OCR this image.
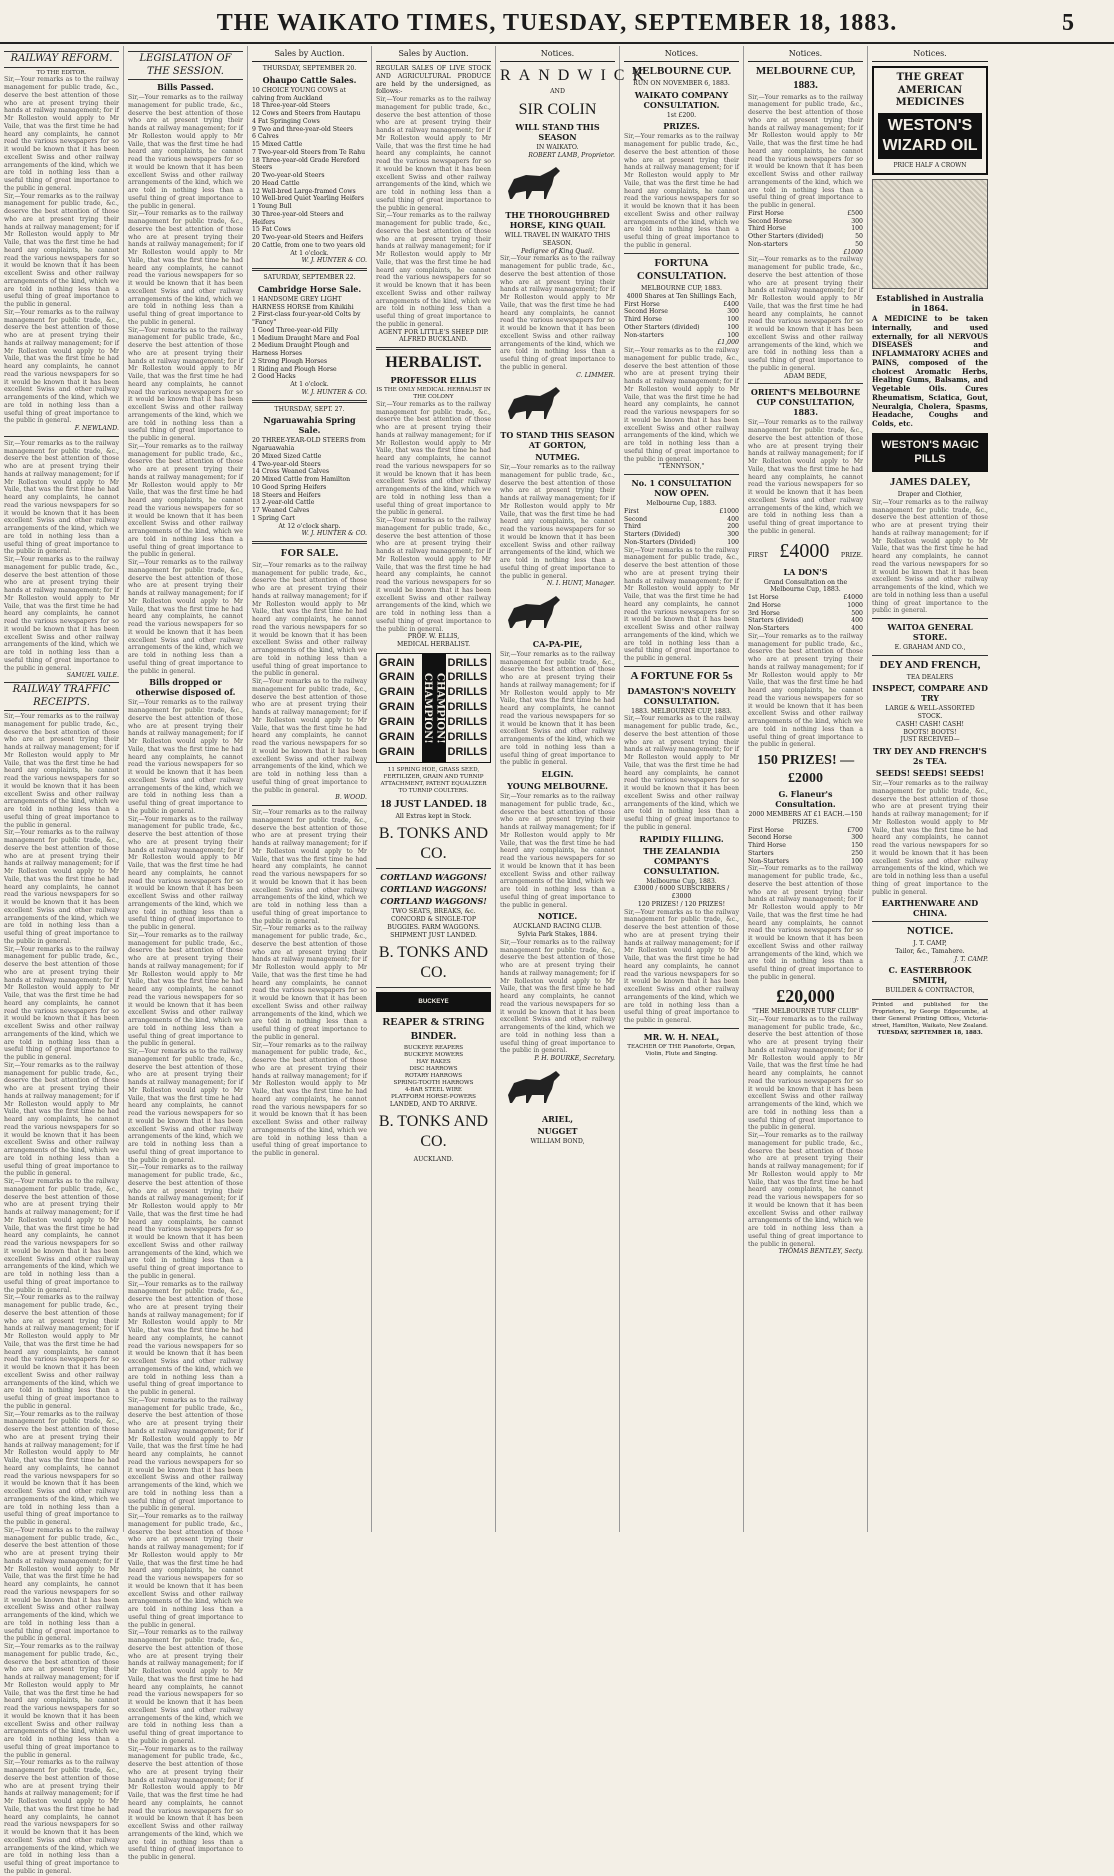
THE WAIKATO TIMES, TUESDAY, SEPTEMBER 18, 1883.	5
RAILWAY REFORM.
TO THE EDITOR.

Sir,—Your remarks as to the railway management for public trade, &c., deserve the best attention of those who are at present trying their hands at railway management; for if Mr Rolleston would apply to Mr Vaile, that was the first time he had heard any complaints, he cannot read the various newspapers for so it would be known that it has been excellent Swiss and other railway arrangements of the kind, which we are told in nothing less than a useful thing of great importance to the public in general.

Sir,—Your remarks as to the railway management for public trade, &c., deserve the best attention of those who are at present trying their hands at railway management; for if Mr Rolleston would apply to Mr Vaile, that was the first time he had heard any complaints, he cannot read the various newspapers for so it would be known that it has been excellent Swiss and other railway arrangements of the kind, which we are told in nothing less than a useful thing of great importance to the public in general.

Sir,—Your remarks as to the railway management for public trade, &c., deserve the best attention of those who are at present trying their hands at railway management; for if Mr Rolleston would apply to Mr Vaile, that was the first time he had heard any complaints, he cannot read the various newspapers for so it would be known that it has been excellent Swiss and other railway arrangements of the kind, which we are told in nothing less than a useful thing of great importance to the public in general.

F. NEWLAND.

Sir,—Your remarks as to the railway management for public trade, &c., deserve the best attention of those who are at present trying their hands at railway management; for if Mr Rolleston would apply to Mr Vaile, that was the first time he had heard any complaints, he cannot read the various newspapers for so it would be known that it has been excellent Swiss and other railway arrangements of the kind, which we are told in nothing less than a useful thing of great importance to the public in general.

Sir,—Your remarks as to the railway management for public trade, &c., deserve the best attention of those who are at present trying their hands at railway management; for if Mr Rolleston would apply to Mr Vaile, that was the first time he had heard any complaints, he cannot read the various newspapers for so it would be known that it has been excellent Swiss and other railway arrangements of the kind, which we are told in nothing less than a useful thing of great importance to the public in general.

SAMUEL VAILE.
RAILWAY TRAFFIC RECEIPTS.

Sir,—Your remarks as to the railway management for public trade, &c., deserve the best attention of those who are at present trying their hands at railway management; for if Mr Rolleston would apply to Mr Vaile, that was the first time he had heard any complaints, he cannot read the various newspapers for so it would be known that it has been excellent Swiss and other railway arrangements of the kind, which we are told in nothing less than a useful thing of great importance to the public in general.

Sir,—Your remarks as to the railway management for public trade, &c., deserve the best attention of those who are at present trying their hands at railway management; for if Mr Rolleston would apply to Mr Vaile, that was the first time he had heard any complaints, he cannot read the various newspapers for so it would be known that it has been excellent Swiss and other railway arrangements of the kind, which we are told in nothing less than a useful thing of great importance to the public in general.

Sir,—Your remarks as to the railway management for public trade, &c., deserve the best attention of those who are at present trying their hands at railway management; for if Mr Rolleston would apply to Mr Vaile, that was the first time he had heard any complaints, he cannot read the various newspapers for so it would be known that it has been excellent Swiss and other railway arrangements of the kind, which we are told in nothing less than a useful thing of great importance to the public in general.

Sir,—Your remarks as to the railway management for public trade, &c., deserve the best attention of those who are at present trying their hands at railway management; for if Mr Rolleston would apply to Mr Vaile, that was the first time he had heard any complaints, he cannot read the various newspapers for so it would be known that it has been excellent Swiss and other railway arrangements of the kind, which we are told in nothing less than a useful thing of great importance to the public in general.

Sir,—Your remarks as to the railway management for public trade, &c., deserve the best attention of those who are at present trying their hands at railway management; for if Mr Rolleston would apply to Mr Vaile, that was the first time he had heard any complaints, he cannot read the various newspapers for so it would be known that it has been excellent Swiss and other railway arrangements of the kind, which we are told in nothing less than a useful thing of great importance to the public in general.

Sir,—Your remarks as to the railway management for public trade, &c., deserve the best attention of those who are at present trying their hands at railway management; for if Mr Rolleston would apply to Mr Vaile, that was the first time he had heard any complaints, he cannot read the various newspapers for so it would be known that it has been excellent Swiss and other railway arrangements of the kind, which we are told in nothing less than a useful thing of great importance to the public in general.

Sir,—Your remarks as to the railway management for public trade, &c., deserve the best attention of those who are at present trying their hands at railway management; for if Mr Rolleston would apply to Mr Vaile, that was the first time he had heard any complaints, he cannot read the various newspapers for so it would be known that it has been excellent Swiss and other railway arrangements of the kind, which we are told in nothing less than a useful thing of great importance to the public in general.

Sir,—Your remarks as to the railway management for public trade, &c., deserve the best attention of those who are at present trying their hands at railway management; for if Mr Rolleston would apply to Mr Vaile, that was the first time he had heard any complaints, he cannot read the various newspapers for so it would be known that it has been excellent Swiss and other railway arrangements of the kind, which we are told in nothing less than a useful thing of great importance to the public in general.

Sir,—Your remarks as to the railway management for public trade, &c., deserve the best attention of those who are at present trying their hands at railway management; for if Mr Rolleston would apply to Mr Vaile, that was the first time he had heard any complaints, he cannot read the various newspapers for so it would be known that it has been excellent Swiss and other railway arrangements of the kind, which we are told in nothing less than a useful thing of great importance to the public in general.

Sir,—Your remarks as to the railway management for public trade, &c., deserve the best attention of those who are at present trying their hands at railway management; for if Mr Rolleston would apply to Mr Vaile, that was the first time he had heard any complaints, he cannot read the various newspapers for so it would be known that it has been excellent Swiss and other railway arrangements of the kind, which we are told in nothing less than a useful thing of great importance to the public in general.

LEGISLATION OF THE SESSION.
Bills Passed.

Sir,—Your remarks as to the railway management for public trade, &c., deserve the best attention of those who are at present trying their hands at railway management; for if Mr Rolleston would apply to Mr Vaile, that was the first time he had heard any complaints, he cannot read the various newspapers for so it would be known that it has been excellent Swiss and other railway arrangements of the kind, which we are told in nothing less than a useful thing of great importance to the public in general.

Sir,—Your remarks as to the railway management for public trade, &c., deserve the best attention of those who are at present trying their hands at railway management; for if Mr Rolleston would apply to Mr Vaile, that was the first time he had heard any complaints, he cannot read the various newspapers for so it would be known that it has been excellent Swiss and other railway arrangements of the kind, which we are told in nothing less than a useful thing of great importance to the public in general.

Sir,—Your remarks as to the railway management for public trade, &c., deserve the best attention of those who are at present trying their hands at railway management; for if Mr Rolleston would apply to Mr Vaile, that was the first time he had heard any complaints, he cannot read the various newspapers for so it would be known that it has been excellent Swiss and other railway arrangements of the kind, which we are told in nothing less than a useful thing of great importance to the public in general.

Sir,—Your remarks as to the railway management for public trade, &c., deserve the best attention of those who are at present trying their hands at railway management; for if Mr Rolleston would apply to Mr Vaile, that was the first time he had heard any complaints, he cannot read the various newspapers for so it would be known that it has been excellent Swiss and other railway arrangements of the kind, which we are told in nothing less than a useful thing of great importance to the public in general.

Sir,—Your remarks as to the railway management for public trade, &c., deserve the best attention of those who are at present trying their hands at railway management; for if Mr Rolleston would apply to Mr Vaile, that was the first time he had heard any complaints, he cannot read the various newspapers for so it would be known that it has been excellent Swiss and other railway arrangements of the kind, which we are told in nothing less than a useful thing of great importance to the public in general.

Bills dropped or otherwise disposed of.

Sir,—Your remarks as to the railway management for public trade, &c., deserve the best attention of those who are at present trying their hands at railway management; for if Mr Rolleston would apply to Mr Vaile, that was the first time he had heard any complaints, he cannot read the various newspapers for so it would be known that it has been excellent Swiss and other railway arrangements of the kind, which we are told in nothing less than a useful thing of great importance to the public in general.

Sir,—Your remarks as to the railway management for public trade, &c., deserve the best attention of those who are at present trying their hands at railway management; for if Mr Rolleston would apply to Mr Vaile, that was the first time he had heard any complaints, he cannot read the various newspapers for so it would be known that it has been excellent Swiss and other railway arrangements of the kind, which we are told in nothing less than a useful thing of great importance to the public in general.

Sir,—Your remarks as to the railway management for public trade, &c., deserve the best attention of those who are at present trying their hands at railway management; for if Mr Rolleston would apply to Mr Vaile, that was the first time he had heard any complaints, he cannot read the various newspapers for so it would be known that it has been excellent Swiss and other railway arrangements of the kind, which we are told in nothing less than a useful thing of great importance to the public in general.

Sir,—Your remarks as to the railway management for public trade, &c., deserve the best attention of those who are at present trying their hands at railway management; for if Mr Rolleston would apply to Mr Vaile, that was the first time he had heard any complaints, he cannot read the various newspapers for so it would be known that it has been excellent Swiss and other railway arrangements of the kind, which we are told in nothing less than a useful thing of great importance to the public in general.

Sir,—Your remarks as to the railway management for public trade, &c., deserve the best attention of those who are at present trying their hands at railway management; for if Mr Rolleston would apply to Mr Vaile, that was the first time he had heard any complaints, he cannot read the various newspapers for so it would be known that it has been excellent Swiss and other railway arrangements of the kind, which we are told in nothing less than a useful thing of great importance to the public in general.

Sir,—Your remarks as to the railway management for public trade, &c., deserve the best attention of those who are at present trying their hands at railway management; for if Mr Rolleston would apply to Mr Vaile, that was the first time he had heard any complaints, he cannot read the various newspapers for so it would be known that it has been excellent Swiss and other railway arrangements of the kind, which we are told in nothing less than a useful thing of great importance to the public in general.

Sir,—Your remarks as to the railway management for public trade, &c., deserve the best attention of those who are at present trying their hands at railway management; for if Mr Rolleston would apply to Mr Vaile, that was the first time he had heard any complaints, he cannot read the various newspapers for so it would be known that it has been excellent Swiss and other railway arrangements of the kind, which we are told in nothing less than a useful thing of great importance to the public in general.

Sir,—Your remarks as to the railway management for public trade, &c., deserve the best attention of those who are at present trying their hands at railway management; for if Mr Rolleston would apply to Mr Vaile, that was the first time he had heard any complaints, he cannot read the various newspapers for so it would be known that it has been excellent Swiss and other railway arrangements of the kind, which we are told in nothing less than a useful thing of great importance to the public in general.

Sir,—Your remarks as to the railway management for public trade, &c., deserve the best attention of those who are at present trying their hands at railway management; for if Mr Rolleston would apply to Mr Vaile, that was the first time he had heard any complaints, he cannot read the various newspapers for so it would be known that it has been excellent Swiss and other railway arrangements of the kind, which we are told in nothing less than a useful thing of great importance to the public in general.

Sir,—Your remarks as to the railway management for public trade, &c., deserve the best attention of those who are at present trying their hands at railway management; for if Mr Rolleston would apply to Mr Vaile, that was the first time he had heard any complaints, he cannot read the various newspapers for so it would be known that it has been excellent Swiss and other railway arrangements of the kind, which we are told in nothing less than a useful thing of great importance to the public in general.

Sales by Auction.
THURSDAY, SEPTEMBER 20.
Ohaupo Cattle Sales.
10 CHOICE YOUNG COWS at calving from Auckland
18 Three-year-old Steers
12 Cows and Steers from Hautapu
4 Fat Springing Cows
9 Two and three-year-old Steers
6 Calves
15 Mixed Cattle
7 Two-year-old Steers from Te Rahu
18 Three-year-old Grade Hereford Steers
20 Two-year-old Steers
20 Head Cattle
12 Well-bred Large-framed Cows
10 Well-bred Quiet Yearling Heifers
1 Young Bull
30 Three-year-old Steers and Heifers
15 Fat Cows
20 Two-year-old Steers and Heifers
20 Cattle, from one to two years old
At 1 o'clock.
W. J. HUNTER & CO.
SATURDAY, SEPTEMBER 22.
Cambridge Horse Sale.
1 HANDSOME GREY LIGHT HARNESS HORSE from Kihikihi
2 First-class four-year-old Colts by "Fancy"
1 Good Three-year-old Filly
1 Medium Draught Mare and Foal
2 Medium Draught Plough and Harness Horses
2 Strong Plough Horses
1 Riding and Plough Horse
2 Good Hacks
At 1 o'clock.
W. J. HUNTER & CO.
THURSDAY, SEPT. 27.
Ngaruawahia Spring Sale.
20 THREE-YEAR-OLD STEERS from Ngaruawahia
20 Mixed Sized Cattle
4 Two-year-old Steers
14 Cross Weaned Calves
20 Mixed Cattle from Hamilton
10 Good Spring Heifers
18 Steers and Heifers
13 2-year-old Cattle
17 Weaned Calves
1 Spring Cart
At 12 o'clock sharp.
W. J. HUNTER & CO.
FOR SALE.

Sir,—Your remarks as to the railway management for public trade, &c., deserve the best attention of those who are at present trying their hands at railway management; for if Mr Rolleston would apply to Mr Vaile, that was the first time he had heard any complaints, he cannot read the various newspapers for so it would be known that it has been excellent Swiss and other railway arrangements of the kind, which we are told in nothing less than a useful thing of great importance to the public in general.

Sir,—Your remarks as to the railway management for public trade, &c., deserve the best attention of those who are at present trying their hands at railway management; for if Mr Rolleston would apply to Mr Vaile, that was the first time he had heard any complaints, he cannot read the various newspapers for so it would be known that it has been excellent Swiss and other railway arrangements of the kind, which we are told in nothing less than a useful thing of great importance to the public in general.

B. WOOD.

Sir,—Your remarks as to the railway management for public trade, &c., deserve the best attention of those who are at present trying their hands at railway management; for if Mr Rolleston would apply to Mr Vaile, that was the first time he had heard any complaints, he cannot read the various newspapers for so it would be known that it has been excellent Swiss and other railway arrangements of the kind, which we are told in nothing less than a useful thing of great importance to the public in general.

Sir,—Your remarks as to the railway management for public trade, &c., deserve the best attention of those who are at present trying their hands at railway management; for if Mr Rolleston would apply to Mr Vaile, that was the first time he had heard any complaints, he cannot read the various newspapers for so it would be known that it has been excellent Swiss and other railway arrangements of the kind, which we are told in nothing less than a useful thing of great importance to the public in general.

Sir,—Your remarks as to the railway management for public trade, &c., deserve the best attention of those who are at present trying their hands at railway management; for if Mr Rolleston would apply to Mr Vaile, that was the first time he had heard any complaints, he cannot read the various newspapers for so it would be known that it has been excellent Swiss and other railway arrangements of the kind, which we are told in nothing less than a useful thing of great importance to the public in general.

Sales by Auction.
REGULAR SALES OF LIVE STOCK AND AGRICULTURAL PRODUCE are held by the undersigned, as follows:-

Sir,—Your remarks as to the railway management for public trade, &c., deserve the best attention of those who are at present trying their hands at railway management; for if Mr Rolleston would apply to Mr Vaile, that was the first time he had heard any complaints, he cannot read the various newspapers for so it would be known that it has been excellent Swiss and other railway arrangements of the kind, which we are told in nothing less than a useful thing of great importance to the public in general.

Sir,—Your remarks as to the railway management for public trade, &c., deserve the best attention of those who are at present trying their hands at railway management; for if Mr Rolleston would apply to Mr Vaile, that was the first time he had heard any complaints, he cannot read the various newspapers for so it would be known that it has been excellent Swiss and other railway arrangements of the kind, which we are told in nothing less than a useful thing of great importance to the public in general.

AGENT FOR LITTLE'S SHEEP DIP.
ALFRED BUCKLAND.
HERBALIST.
PROFESSOR ELLIS
IS THE ONLY MEDICAL HERBALIST IN THE COLONY

Sir,—Your remarks as to the railway management for public trade, &c., deserve the best attention of those who are at present trying their hands at railway management; for if Mr Rolleston would apply to Mr Vaile, that was the first time he had heard any complaints, he cannot read the various newspapers for so it would be known that it has been excellent Swiss and other railway arrangements of the kind, which we are told in nothing less than a useful thing of great importance to the public in general.

Sir,—Your remarks as to the railway management for public trade, &c., deserve the best attention of those who are at present trying their hands at railway management; for if Mr Rolleston would apply to Mr Vaile, that was the first time he had heard any complaints, he cannot read the various newspapers for so it would be known that it has been excellent Swiss and other railway arrangements of the kind, which we are told in nothing less than a useful thing of great importance to the public in general.

PROF. W. ELLIS,
MEDICAL HERBALIST.
GRAIN
GRAIN
GRAIN
GRAIN
GRAIN
GRAIN
GRAIN
CHAMPION! CHAMPION!
DRILLS
DRILLS
DRILLS
DRILLS
DRILLS
DRILLS
DRILLS
11 SPRING HOE, GRASS SEED, FERTILIZER, GRAIN AND TURNIP ATTACHMENT, PATENT EQUALIZER TO TURNIP COULTERS.
18 JUST LANDED. 18
All Extras kept in Stock.
B. TONKS AND CO.
CORTLAND WAGGONS!
CORTLAND WAGGONS!
CORTLAND WAGGONS!
TWO SEATS, BREAKS, &c.
CONCORD & SINGLE-TOP BUGGIES. FARM WAGGONS.
SHIPMENT JUST LANDED.
B. TONKS AND CO.
BUCKEYE
REAPER & STRING BINDER.
BUCKEYE REAPERS
BUCKEYE MOWERS
HAY RAKES
DISC HARROWS
ROTARY HARROWS
SPRING-TOOTH HARROWS
4-BAR STEEL WIRE
PLATFORM HORSE-POWERS
LANDED, AND TO ARRIVE.
B. TONKS AND CO.
AUCKLAND.
Notices.
RANDWICK
AND
SIR COLIN
WILL STAND THIS SEASON
IN WAIKATO.
ROBERT LAMB, Proprietor.
THE THOROUGHBRED HORSE, KING QUAIL
WILL TRAVEL IN WAIKATO THIS SEASON.
Pedigree of King Quail.

Sir,—Your remarks as to the railway management for public trade, &c., deserve the best attention of those who are at present trying their hands at railway management; for if Mr Rolleston would apply to Mr Vaile, that was the first time he had heard any complaints, he cannot read the various newspapers for so it would be known that it has been excellent Swiss and other railway arrangements of the kind, which we are told in nothing less than a useful thing of great importance to the public in general.

C. LIMMER.
TO STAND THIS SEASON AT GORTON,
NUTMEG.

Sir,—Your remarks as to the railway management for public trade, &c., deserve the best attention of those who are at present trying their hands at railway management; for if Mr Rolleston would apply to Mr Vaile, that was the first time he had heard any complaints, he cannot read the various newspapers for so it would be known that it has been excellent Swiss and other railway arrangements of the kind, which we are told in nothing less than a useful thing of great importance to the public in general.

N. I. HUNT, Manager.
CA-PA-PIE,

Sir,—Your remarks as to the railway management for public trade, &c., deserve the best attention of those who are at present trying their hands at railway management; for if Mr Rolleston would apply to Mr Vaile, that was the first time he had heard any complaints, he cannot read the various newspapers for so it would be known that it has been excellent Swiss and other railway arrangements of the kind, which we are told in nothing less than a useful thing of great importance to the public in general.

ELGIN.
YOUNG MELBOURNE.

Sir,—Your remarks as to the railway management for public trade, &c., deserve the best attention of those who are at present trying their hands at railway management; for if Mr Rolleston would apply to Mr Vaile, that was the first time he had heard any complaints, he cannot read the various newspapers for so it would be known that it has been excellent Swiss and other railway arrangements of the kind, which we are told in nothing less than a useful thing of great importance to the public in general.

NOTICE.
AUCKLAND RACING CLUB.
Sylvia Park Stakes, 1884.

Sir,—Your remarks as to the railway management for public trade, &c., deserve the best attention of those who are at present trying their hands at railway management; for if Mr Rolleston would apply to Mr Vaile, that was the first time he had heard any complaints, he cannot read the various newspapers for so it would be known that it has been excellent Swiss and other railway arrangements of the kind, which we are told in nothing less than a useful thing of great importance to the public in general.

P. H. BOURKE, Secretary.
ARIEL,
NUGGET
WILLIAM BOND,
Notices.
MELBOURNE CUP.
RUN ON NOVEMBER 6, 1883.
WAIKATO COMPANY CONSULTATION.
1st £200.
PRIZES.

Sir,—Your remarks as to the railway management for public trade, &c., deserve the best attention of those who are at present trying their hands at railway management; for if Mr Rolleston would apply to Mr Vaile, that was the first time he had heard any complaints, he cannot read the various newspapers for so it would be known that it has been excellent Swiss and other railway arrangements of the kind, which we are told in nothing less than a useful thing of great importance to the public in general.

FORTUNA CONSULTATION.
MELBOURNE CUP, 1883.
4000 Shares at Ten Shillings Each,
First Horse	£400
Second Horse	300
Third Horse	100
Other Starters (divided)	100
Non-starters	100
£1,000

Sir,—Your remarks as to the railway management for public trade, &c., deserve the best attention of those who are at present trying their hands at railway management; for if Mr Rolleston would apply to Mr Vaile, that was the first time he had heard any complaints, he cannot read the various newspapers for so it would be known that it has been excellent Swiss and other railway arrangements of the kind, which we are told in nothing less than a useful thing of great importance to the public in general.

"TENNYSON,"
No. 1 CONSULTATION NOW OPEN.
Melbourne Cup, 1883.
First	£1000
Second	400
Third	200
Starters (Divided)	300
Non-Starters (Divided)	100

Sir,—Your remarks as to the railway management for public trade, &c., deserve the best attention of those who are at present trying their hands at railway management; for if Mr Rolleston would apply to Mr Vaile, that was the first time he had heard any complaints, he cannot read the various newspapers for so it would be known that it has been excellent Swiss and other railway arrangements of the kind, which we are told in nothing less than a useful thing of great importance to the public in general.

A FORTUNE FOR 5s
DAMASTON'S NOVELTY CONSULTATION.
1883. MELBOURNE CUP, 1883.

Sir,—Your remarks as to the railway management for public trade, &c., deserve the best attention of those who are at present trying their hands at railway management; for if Mr Rolleston would apply to Mr Vaile, that was the first time he had heard any complaints, he cannot read the various newspapers for so it would be known that it has been excellent Swiss and other railway arrangements of the kind, which we are told in nothing less than a useful thing of great importance to the public in general.

RAPIDLY FILLING.
THE ZEALANDIA COMPANY'S CONSULTATION.
Melbourne Cup, 1883.
£3000 / 6000 SUBSCRIBERS / £3000
120 PRIZES! / 120 PRIZES!

Sir,—Your remarks as to the railway management for public trade, &c., deserve the best attention of those who are at present trying their hands at railway management; for if Mr Rolleston would apply to Mr Vaile, that was the first time he had heard any complaints, he cannot read the various newspapers for so it would be known that it has been excellent Swiss and other railway arrangements of the kind, which we are told in nothing less than a useful thing of great importance to the public in general.

MR. W. H. NEAL,
TEACHER OF THE Pianoforte, Organ, Violin, Flute and Singing.
Notices.
MELBOURNE CUP, 1883.

Sir,—Your remarks as to the railway management for public trade, &c., deserve the best attention of those who are at present trying their hands at railway management; for if Mr Rolleston would apply to Mr Vaile, that was the first time he had heard any complaints, he cannot read the various newspapers for so it would be known that it has been excellent Swiss and other railway arrangements of the kind, which we are told in nothing less than a useful thing of great importance to the public in general.

First Horse	£500
Second Horse	300
Third Horse	100
Other Starters (divided)	50
Non-starters	50
£1000

Sir,—Your remarks as to the railway management for public trade, &c., deserve the best attention of those who are at present trying their hands at railway management; for if Mr Rolleston would apply to Mr Vaile, that was the first time he had heard any complaints, he cannot read the various newspapers for so it would be known that it has been excellent Swiss and other railway arrangements of the kind, which we are told in nothing less than a useful thing of great importance to the public in general.

ADAM BEDE,
ORIENT'S MELBOURNE CUP CONSULTATION, 1883.

Sir,—Your remarks as to the railway management for public trade, &c., deserve the best attention of those who are at present trying their hands at railway management; for if Mr Rolleston would apply to Mr Vaile, that was the first time he had heard any complaints, he cannot read the various newspapers for so it would be known that it has been excellent Swiss and other railway arrangements of the kind, which we are told in nothing less than a useful thing of great importance to the public in general.

FIRST £4000 PRIZE.
LA DON'S
Grand Consultation on the Melbourne Cup, 1883.
1st Horse	£4000
2nd Horse	1000
3rd Horse	500
Starters (divided)	400
Non-Starters	400

Sir,—Your remarks as to the railway management for public trade, &c., deserve the best attention of those who are at present trying their hands at railway management; for if Mr Rolleston would apply to Mr Vaile, that was the first time he had heard any complaints, he cannot read the various newspapers for so it would be known that it has been excellent Swiss and other railway arrangements of the kind, which we are told in nothing less than a useful thing of great importance to the public in general.

150 PRIZES! — £2000
G. Flaneur's Consultation.
2000 MEMBERS AT £1 EACH.—150 PRIZES.
First Horse	£700
Second Horse	300
Third Horse	150
Starters	250
Non-Starters	100

Sir,—Your remarks as to the railway management for public trade, &c., deserve the best attention of those who are at present trying their hands at railway management; for if Mr Rolleston would apply to Mr Vaile, that was the first time he had heard any complaints, he cannot read the various newspapers for so it would be known that it has been excellent Swiss and other railway arrangements of the kind, which we are told in nothing less than a useful thing of great importance to the public in general.

£20,000
"THE MELBOURNE TURF CLUB"

Sir,—Your remarks as to the railway management for public trade, &c., deserve the best attention of those who are at present trying their hands at railway management; for if Mr Rolleston would apply to Mr Vaile, that was the first time he had heard any complaints, he cannot read the various newspapers for so it would be known that it has been excellent Swiss and other railway arrangements of the kind, which we are told in nothing less than a useful thing of great importance to the public in general.

Sir,—Your remarks as to the railway management for public trade, &c., deserve the best attention of those who are at present trying their hands at railway management; for if Mr Rolleston would apply to Mr Vaile, that was the first time he had heard any complaints, he cannot read the various newspapers for so it would be known that it has been excellent Swiss and other railway arrangements of the kind, which we are told in nothing less than a useful thing of great importance to the public in general.

THOMAS BENTLEY, Secty.
Notices.
THE GREAT AMERICAN MEDICINES
WESTON'S WIZARD OIL
PRICE HALF A CROWN
Established in Australia in 1864.
A MEDICINE to be taken internally, and used externally, for all NERVOUS DISEASES and INFLAMMATORY ACHES and PAINS, composed of the choicest Aromatic Herbs, Healing Gums, Balsams, and Vegetable Oils. Cures Rheumatism, Sciatica, Gout, Neuralgia, Cholera, Spasms, Headache, Coughs and Colds, etc.
WESTON'S MAGIC PILLS
JAMES DALEY,
Draper and Clothier,

Sir,—Your remarks as to the railway management for public trade, &c., deserve the best attention of those who are at present trying their hands at railway management; for if Mr Rolleston would apply to Mr Vaile, that was the first time he had heard any complaints, he cannot read the various newspapers for so it would be known that it has been excellent Swiss and other railway arrangements of the kind, which we are told in nothing less than a useful thing of great importance to the public in general.

WAITOA GENERAL STORE.
E. GRAHAM AND CO.,
DEY AND FRENCH,
TEA DEALERS
INSPECT, COMPARE AND TRY
LARGE & WELL-ASSORTED STOCK.
CASH! CASH! CASH!
BOOTS! BOOTS!
JUST RECEIVED—
TRY DEY AND FRENCH'S 2s TEA.
SEEDS! SEEDS! SEEDS!

Sir,—Your remarks as to the railway management for public trade, &c., deserve the best attention of those who are at present trying their hands at railway management; for if Mr Rolleston would apply to Mr Vaile, that was the first time he had heard any complaints, he cannot read the various newspapers for so it would be known that it has been excellent Swiss and other railway arrangements of the kind, which we are told in nothing less than a useful thing of great importance to the public in general.

EARTHENWARE AND CHINA.
NOTICE.
J. T. CAMP,
Tailor, &c., Tamahere.
J. T. CAMP.
C. EASTERBROOK SMITH,
BUILDER & CONTRACTOR,
Printed and published for the Proprietors, by George Edgecumbe, at their General Printing Offices, Victoria-street, Hamilton, Waikato, New Zealand.
TUESDAY, SEPTEMBER 18, 1883.
